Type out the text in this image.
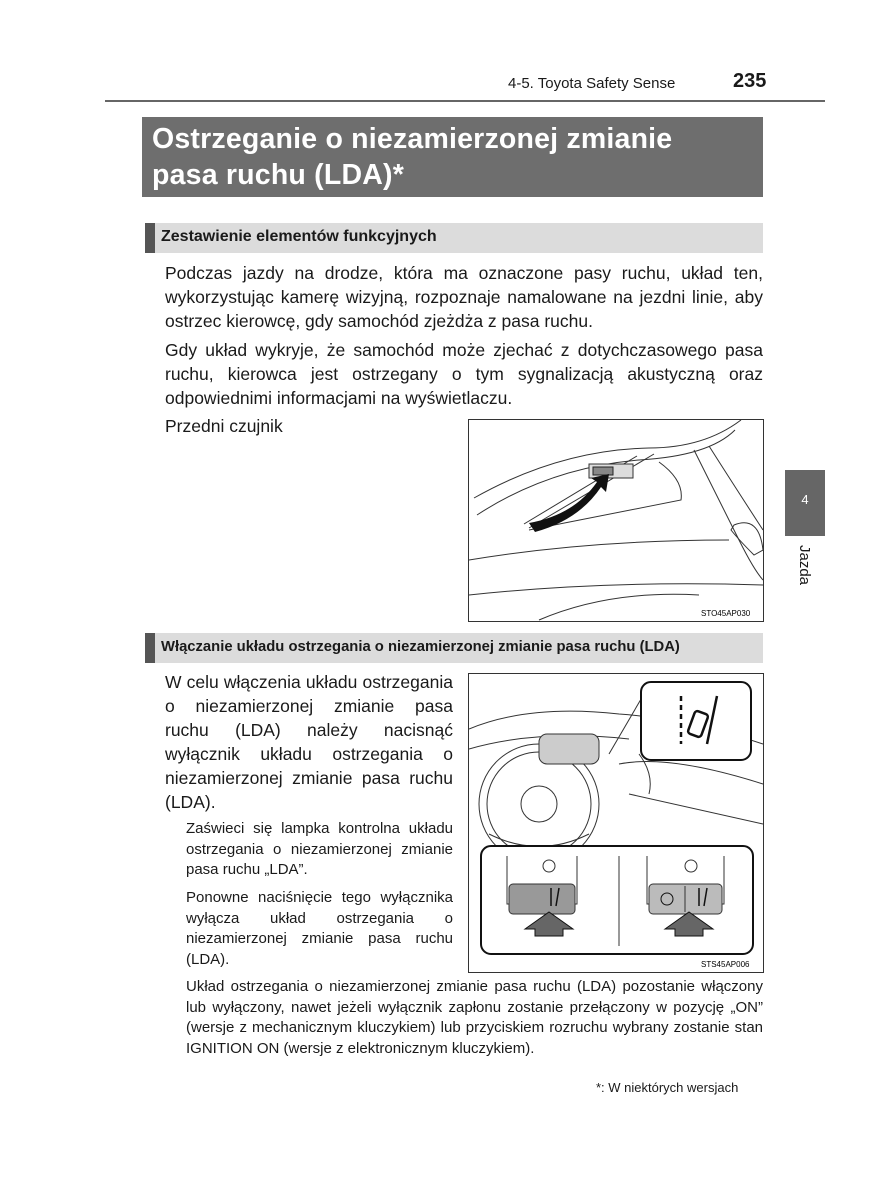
4-5. Toyota Safety Sense	235
Ostrzeganie o niezamierzonej zmianie
pasa ruchu (LDA)*
Zestawienie elementów funkcyjnych
Podczas jazdy na drodze, która ma oznaczone pasy ruchu, układ ten, wykorzystując kamerę wizyjną, rozpoznaje namalowane na jezdni linie, aby ostrzec kierowcę, gdy samochód zjeżdża z pasa ruchu.
Gdy układ wykryje, że samochód może zjechać z dotychczasowego pasa ruchu, kierowca jest ostrzegany o tym sygnalizacją akustyczną oraz odpowiednimi informacjami na wyświetlaczu.
Przedni czujnik
STO45AP030
Włączanie układu ostrzegania o niezamierzonej zmianie pasa ruchu (LDA)
W celu włączenia układu ostrzegania o niezamierzonej zmianie pasa ruchu (LDA) należy nacisnąć wyłącznik układu ostrzegania o niezamierzonej zmianie pasa ruchu (LDA).
Zaświeci się lampka kontrolna układu ostrzegania o niezamierzonej zmianie pasa ruchu „LDA”.
Ponowne naciśnięcie tego wyłącznika wyłącza układ ostrzegania o niezamierzonej zmianie pasa ruchu (LDA).	STS45AP006
Układ ostrzegania o niezamierzonej zmianie pasa ruchu (LDA) pozostanie włączony lub wyłączony, nawet jeżeli wyłącznik zapłonu zostanie przełączony w pozycję „ON” (wersje z mechanicznym kluczykiem) lub przyciskiem rozruchu wybrany zostanie stan IGNITION ON (wersje z elektronicznym kluczykiem).
*: W niektórych wersjach
4
Jazda
